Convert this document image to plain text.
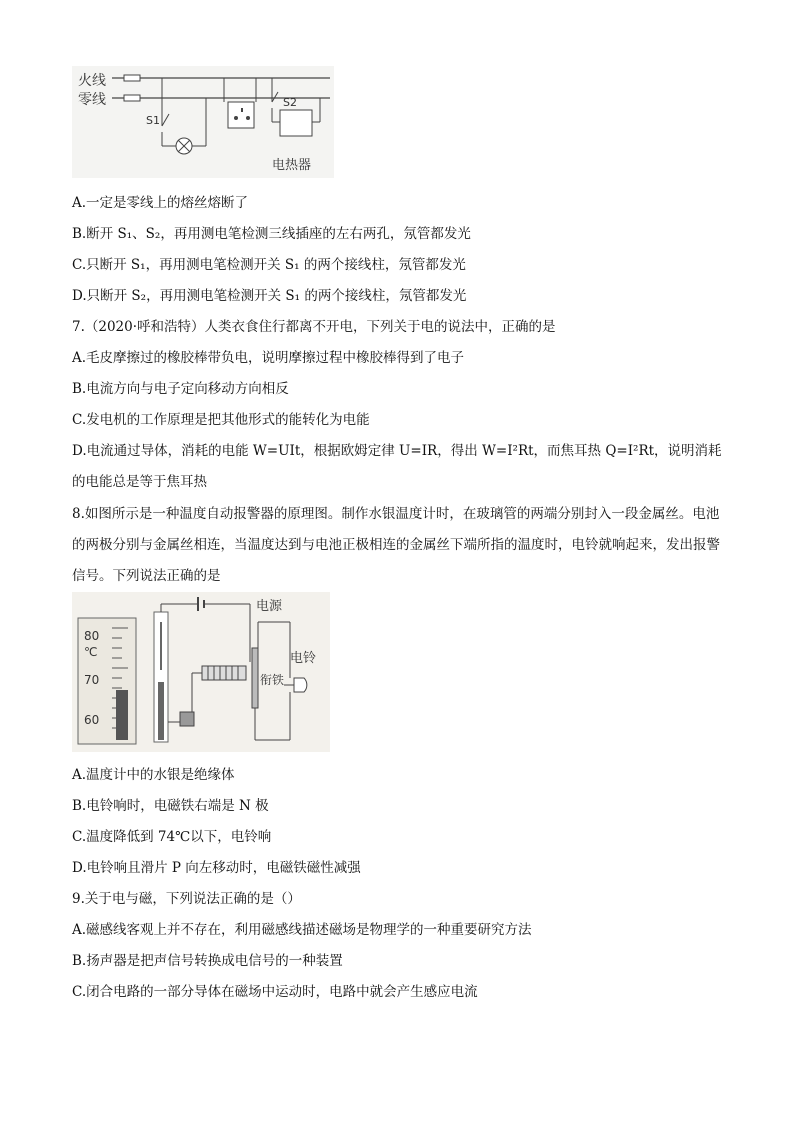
火线
零线
S1
S2
电热器
A.一定是零线上的熔丝熔断了
B.断开 S₁、S₂，再用测电笔检测三线插座的左右两孔，氖管都发光
C.只断开 S₁，再用测电笔检测开关 S₁ 的两个接线柱，氖管都发光
D.只断开 S₂，再用测电笔检测开关 S₁ 的两个接线柱，氖管都发光
7.（2020·呼和浩特）人类衣食住行都离不开电，下列关于电的说法中，正确的是
A.毛皮摩擦过的橡胶棒带负电，说明摩擦过程中橡胶棒得到了电子
B.电流方向与电子定向移动方向相反
C.发电机的工作原理是把其他形式的能转化为电能
D.电流通过导体，消耗的电能 W=UIt，根据欧姆定律 U=IR，得出 W=I²Rt，而焦耳热 Q=I²Rt，说明消耗的电能总是等于焦耳热
8.如图所示是一种温度自动报警器的原理图。制作水银温度计时，在玻璃管的两端分别封入一段金属丝。电池的两极分别与金属丝相连，当温度达到与电池正极相连的金属丝下端所指的温度时，电铃就响起来，发出报警信号。下列说法正确的是
80
℃
70
60
衔铁
电源
电铃
A.温度计中的水银是绝缘体
B.电铃响时，电磁铁右端是 N 极
C.温度降低到 74℃以下，电铃响
D.电铃响且滑片 P 向左移动时，电磁铁磁性减强
9.关于电与磁，下列说法正确的是（）
A.磁感线客观上并不存在，利用磁感线描述磁场是物理学的一种重要研究方法
B.扬声器是把声信号转换成电信号的一种装置
C.闭合电路的一部分导体在磁场中运动时，电路中就会产生感应电流
